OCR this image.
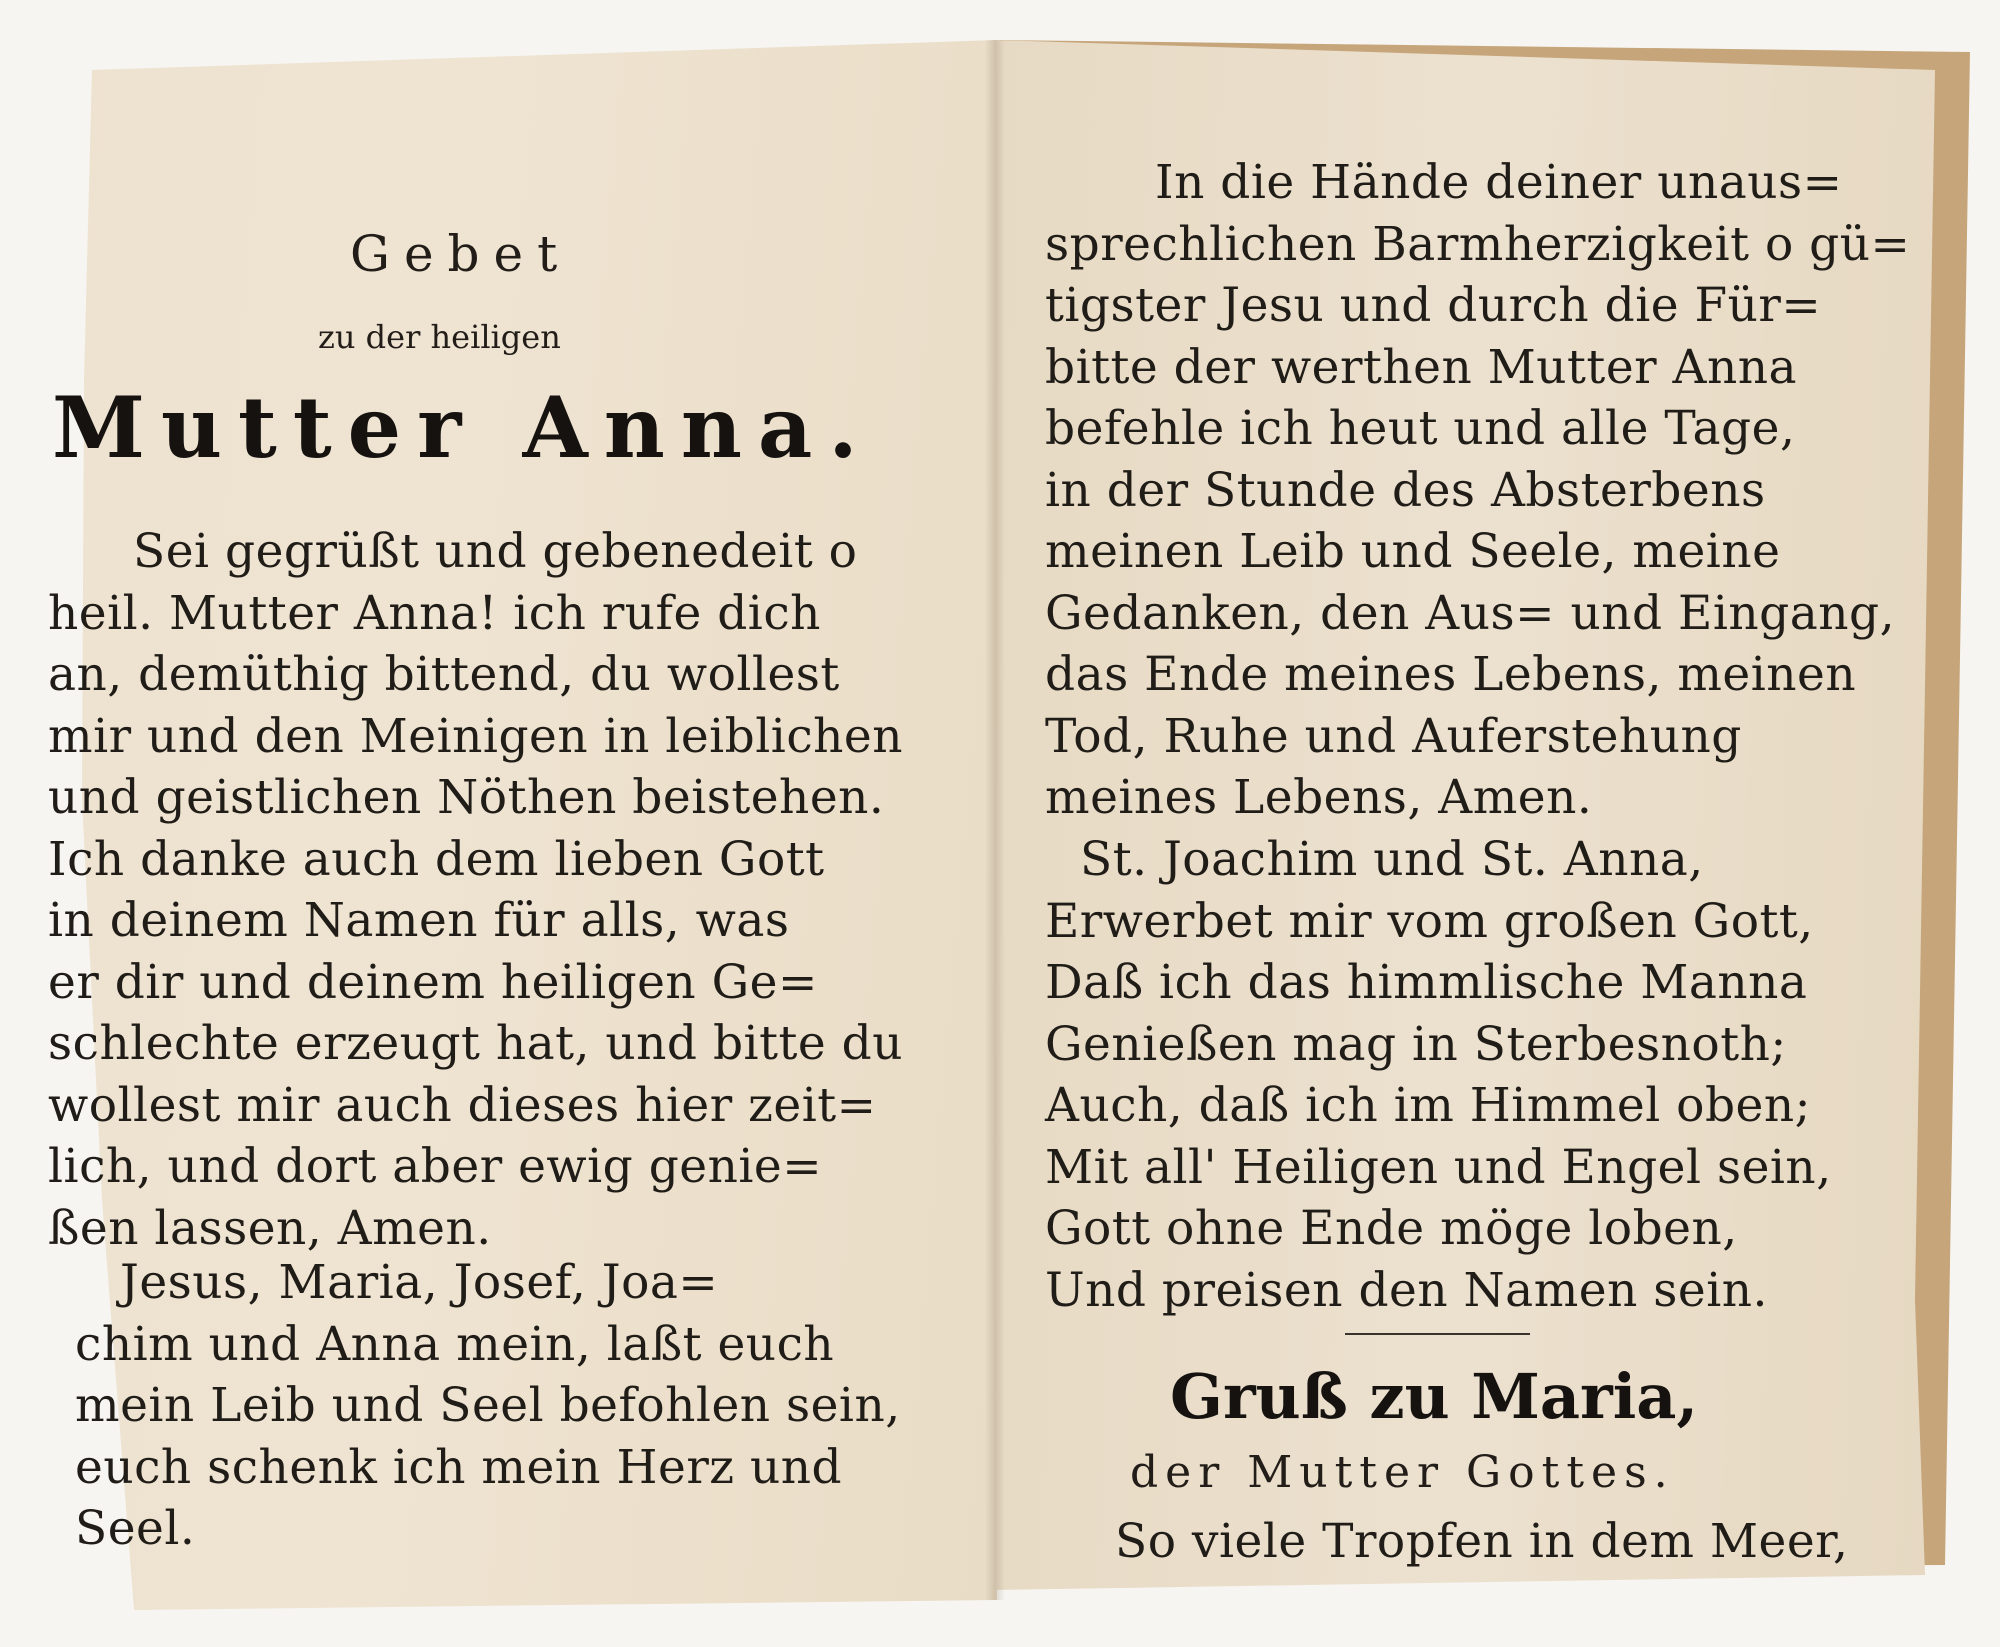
Gebet
zu der heiligen
Mutter Anna.
Sei gegrüßt und gebenedeit o
heil. Mutter Anna! ich rufe dich
an, demüthig bittend, du wollest
mir und den Meinigen in leiblichen
und geistlichen Nöthen beistehen.
Ich danke auch dem lieben Gott
in deinem Namen für alls, was
er dir und deinem heiligen Ge=
schlechte erzeugt hat, und bitte du
wollest mir auch dieses hier zeit=
lich, und dort aber ewig genie=
ßen lassen, Amen.
Jesus, Maria, Josef, Joa=
chim und Anna mein, laßt euch
mein Leib und Seel befohlen sein,
euch schenk ich mein Herz und
Seel.
In die Hände deiner unaus=
sprechlichen Barmherzigkeit o gü=
tigster Jesu und durch die Für=
bitte der werthen Mutter Anna
befehle ich heut und alle Tage,
in der Stunde des Absterbens
meinen Leib und Seele, meine
Gedanken, den Aus= und Eingang,
das Ende meines Lebens, meinen
Tod, Ruhe und Auferstehung
meines Lebens, Amen.
St. Joachim und St. Anna,
Erwerbet mir vom großen Gott,
Daß ich das himmlische Manna
Genießen mag in Sterbesnoth;
Auch, daß ich im Himmel oben;
Mit all' Heiligen und Engel sein,
Gott ohne Ende möge loben,
Und preisen den Namen sein.
Gruß zu Maria,
der Mutter Gottes.
So viele Tropfen in dem Meer,
